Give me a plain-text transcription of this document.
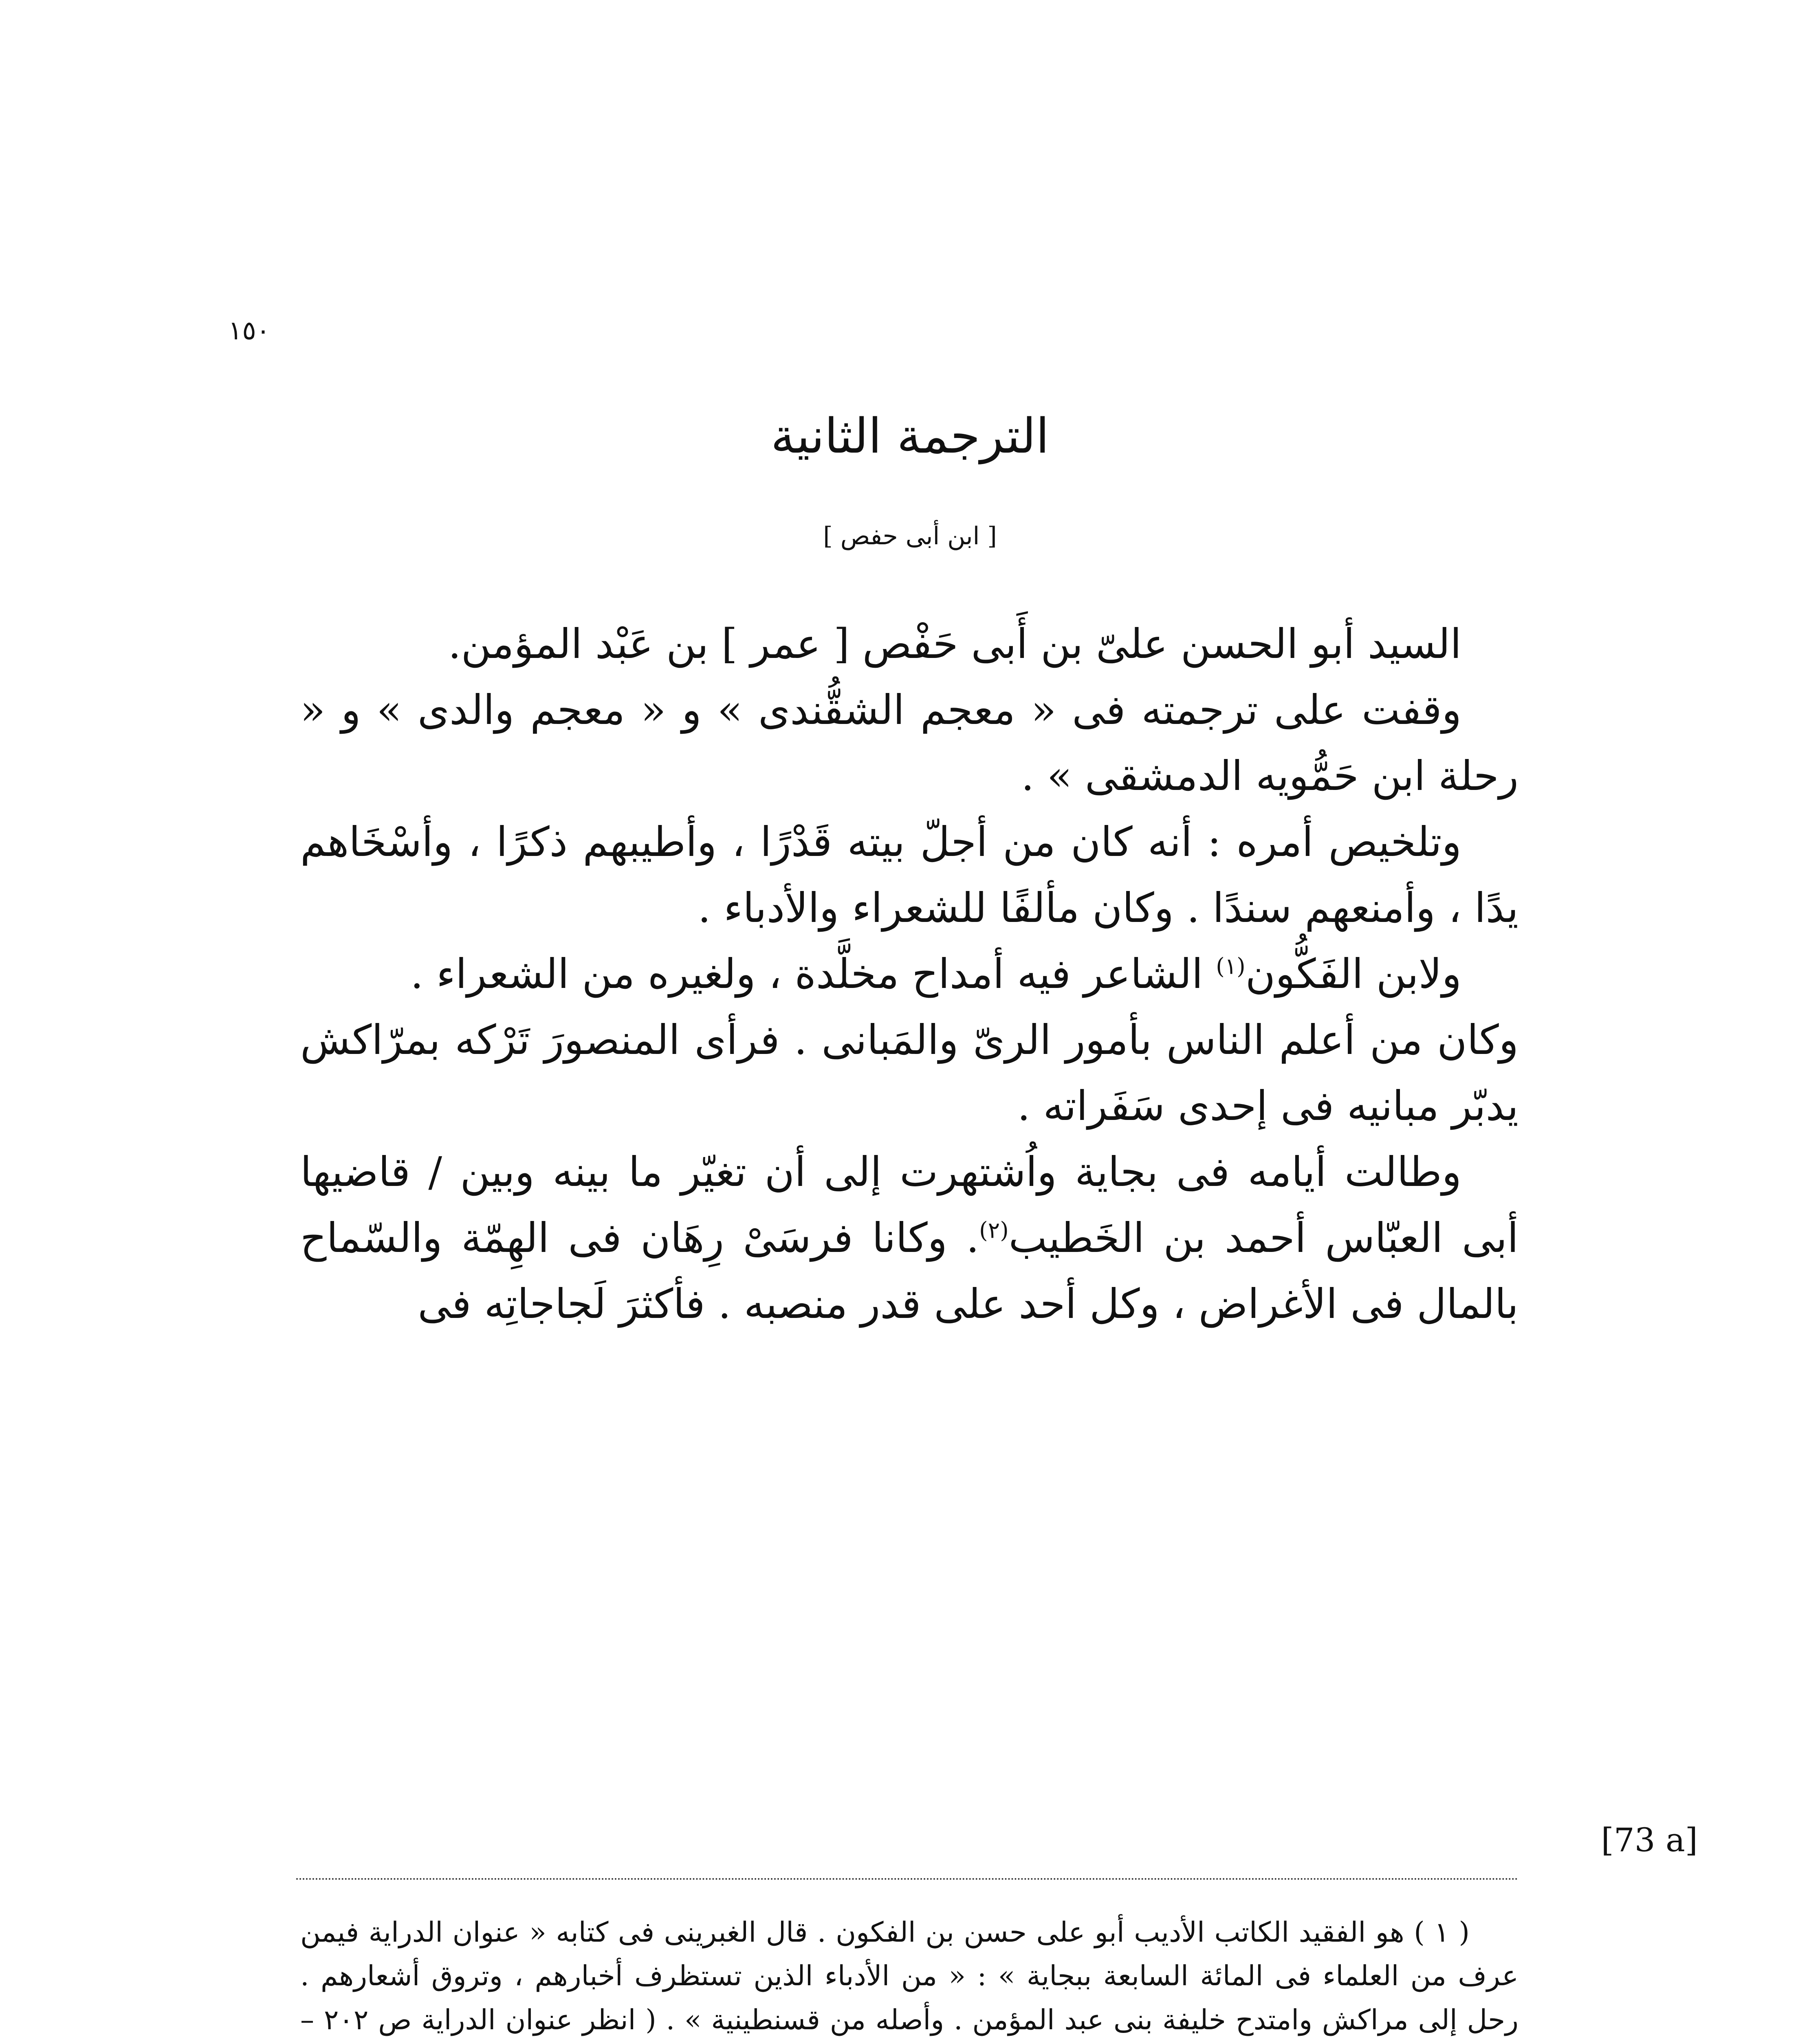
١٥٠
الترجمة الثانية
[ ابن أبى حفص ]

السيد أبو الحسن علىّ بن أَبى حَفْص [ عمر ] بن عَبْد المؤمن.

وقفت على ترجمته فى « معجم الشقُّندى » و « معجم والدى » و « رحلة ابن حَمُّويه الدمشقى » .

وتلخيص أمره : أنه كان من أجلّ بيته قَدْرًا ، وأطيبهم ذكرًا ، وأسْخَاهم يدًا ، وأمنعهم سندًا . وكان مألفًا للشعراء والأدباء .

ولابن الفَكُّون$^{(١)}$ الشاعر فيه أمداح مخلَّدة ، ولغيره من الشعراء .

وكان من أعلم الناس بأمور الرىّ والمَبانى . فرأى المنصورَ تَرْكه بمرّاكش يدبّر مبانيه فى إحدى سَفَراته .

وطالت أيامه فى بجاية واُشتهرت إلى أن تغيّر ما بينه وبين / قاضيها أبى العبّاس أحمد بن الخَطيب$^{(٢)}$. وكانا فرسَىْ رِهَان فى الهِمّة والسّماح بالمال فى الأغراض ، وكل أحد على قدر منصبه . فأكثرَ لَجاجاتِه فى

[73 a]

( ١ ) هو الفقيد الكاتب الأديب أبو على حسن بن الفكون . قال الغبرينى فى كتابه « عنوان الدراية فيمن عرف من العلماء فى المائة السابعة ببجاية » : « من الأدباء الذين تستظرف أخبارهم ، وتروق أشعارهم . رحل إلى مراكش وامتدح خليفة بنى عبد المؤمن . وأصله من قسنطينية » . ( انظر عنوان الدراية ص ٢٠٢ –
